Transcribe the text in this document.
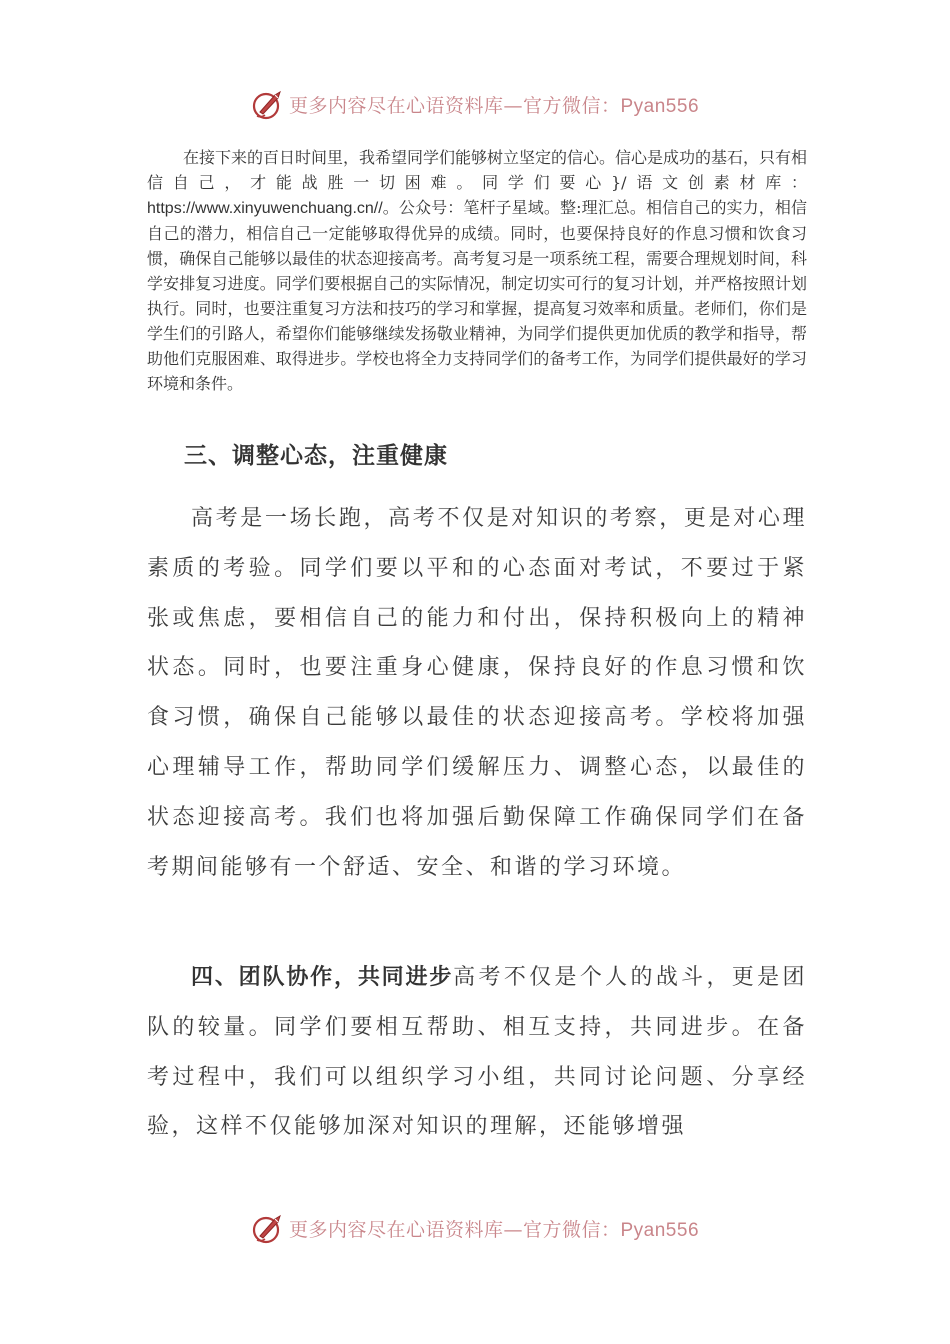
更多内容尽在心语资料库—官方微信：Pyan556

在接下来的百日时间里，我希望同学们能够树立坚定的信心。信心是成功的基石，只有相信自己，才能战胜一切困难。同学们要心}/语文创素材库：https://www.xinyuwenchuang.cn//。公众号：笔杆子星域。整:理汇总。相信自己的实力，相信自己的潜力，相信自己一定能够取得优异的成绩。同时，也要保持良好的作息习惯和饮食习惯，确保自己能够以最佳的状态迎接高考。高考复习是一项系统工程，需要合理规划时间，科学安排复习进度。同学们要根据自己的实际情况，制定切实可行的复习计划，并严格按照计划执行。同时，也要注重复习方法和技巧的学习和掌握，提高复习效率和质量。老师们，你们是学生们的引路人，希望你们能够继续发扬敬业精神，为同学们提供更加优质的教学和指导，帮助他们克服困难、取得进步。学校也将全力支持同学们的备考工作，为同学们提供最好的学习环境和条件。

三、调整心态，注重健康

高考是一场长跑，高考不仅是对知识的考察，更是对心理素质的考验。同学们要以平和的心态面对考试，不要过于紧张或焦虑，要相信自己的能力和付出，保持积极向上的精神状态。同时，也要注重身心健康，保持良好的作息习惯和饮食习惯，确保自己能够以最佳的状态迎接高考。学校将加强心理辅导工作，帮助同学们缓解压力、调整心态，以最佳的状态迎接高考。我们也将加强后勤保障工作确保同学们在备考期间能够有一个舒适、安全、和谐的学习环境。

四、团队协作，共同进步高考不仅是个人的战斗，更是团队的较量。同学们要相互帮助、相互支持，共同进步。在备考过程中，我们可以组织学习小组，共同讨论问题、分享经验，这样不仅能够加深对知识的理解，还能够增强

更多内容尽在心语资料库—官方微信：Pyan556
